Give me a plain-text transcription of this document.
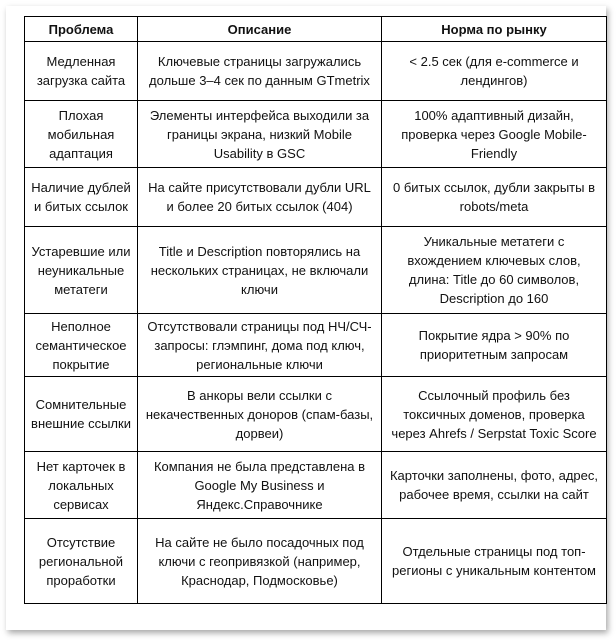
Проблема	Описание	Норма по рынку
Медленная загрузка сайта	Ключевые страницы загружались дольше 3–4 сек по данным GTmetrix	< 2.5 сек (для e-commerce и лендингов)
Плохая мобильная адаптация	Элементы интерфейса выходили за границы экрана, низкий Mobile Usability в GSC	100% адаптивный дизайн, проверка через Google Mobile-Friendly
Наличие дублей и битых ссылок	На сайте присутствовали дубли URL и более 20 битых ссылок (404)	0 битых ссылок, дубли закрыты в robots/meta
Устаревшие или неуникальные метатеги	Title и Description повторялись на нескольких страницах, не включали ключи	Уникальные метатеги с вхождением ключевых слов, длина: Title до 60 символов, Description до 160
Неполное семантическое покрытие	Отсутствовали страницы под НЧ/СЧ-запросы: глэмпинг, дома под ключ, региональные ключи	Покрытие ядра > 90% по приоритетным запросам
Сомнительные внешние ссылки	В анкоры вели ссылки с некачественных доноров (спам-базы, дорвеи)	Ссылочный профиль без токсичных доменов, проверка через Ahrefs / Serpstat Toxic Score
Нет карточек в локальных сервисах	Компания не была представлена в Google My Business и Яндекс.Справочнике	Карточки заполнены, фото, адрес, рабочее время, ссылки на сайт
Отсутствие региональной проработки	На сайте не было посадочных под ключи с геопривязкой (например, Краснодар, Подмосковье)	Отдельные страницы под топ-регионы с уникальным контентом
